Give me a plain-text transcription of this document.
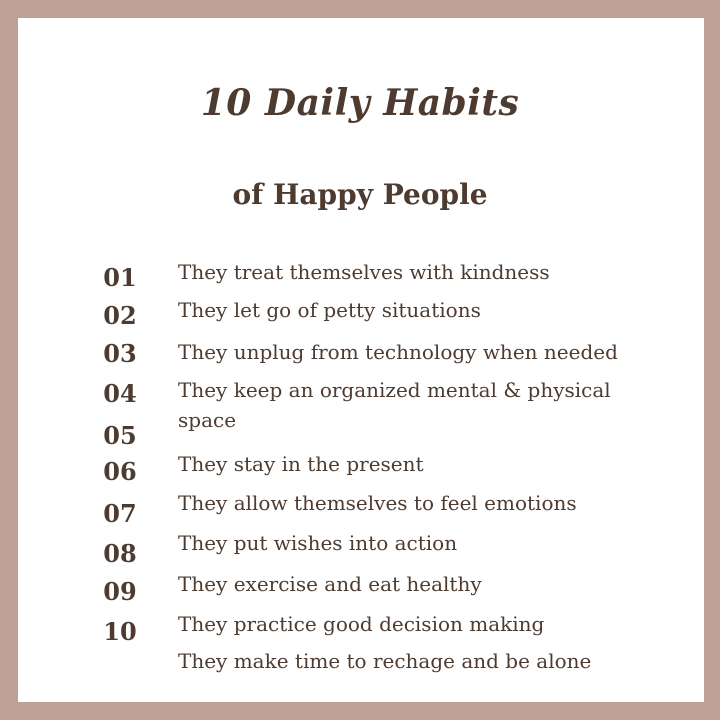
10 Daily Habits
of Happy People
01
02
03
04
05
06
07
08
09
10

They treat themselves with kindness

They let go of petty situations

They unplug from technology when needed

They keep an organized mental & physical space

They stay in the present

They allow themselves to feel emotions

They put wishes into action

They exercise and eat healthy

They practice good decision making

They make time to rechage and be alone
